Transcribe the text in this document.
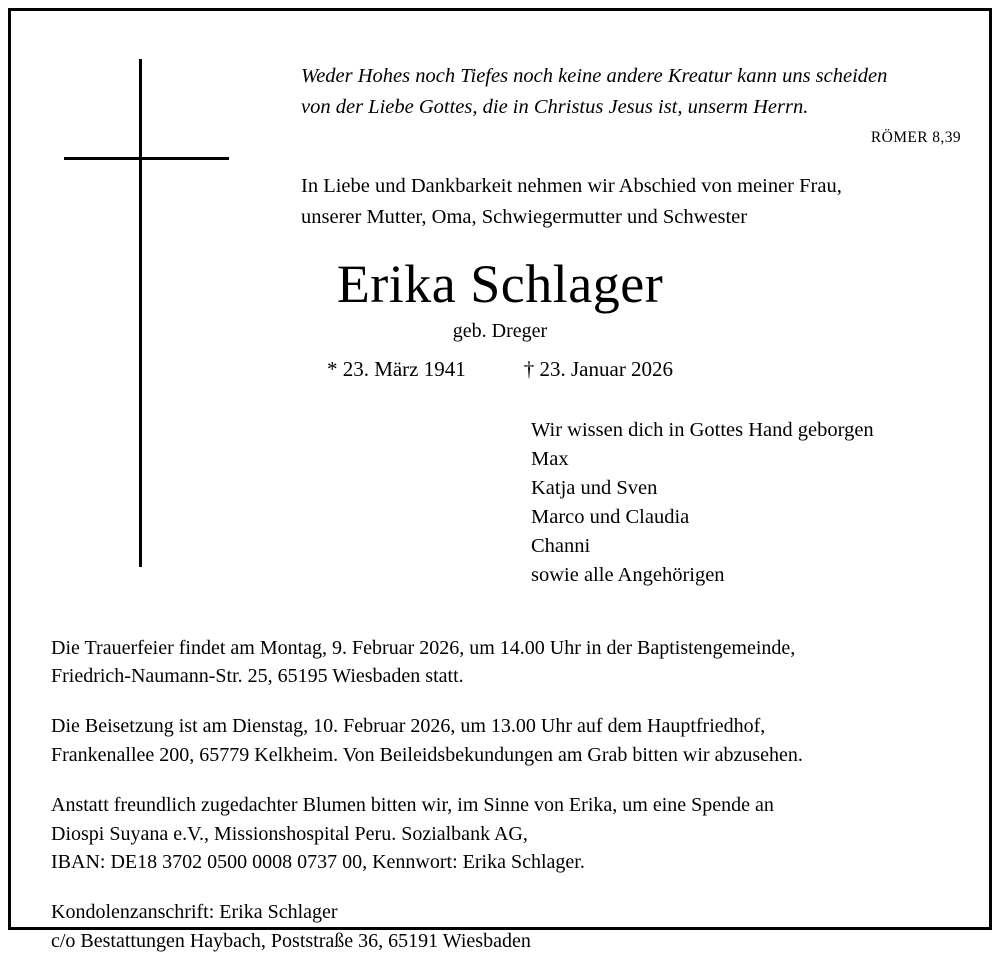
Weder Hohes noch Tiefes noch keine andere Kreatur kann uns scheiden
von der Liebe Gottes, die in Christus Jesus ist, unserm Herrn.
RÖMER 8,39
In Liebe und Dankbarkeit nehmen wir Abschied von meiner Frau,
unserer Mutter, Oma, Schwiegermutter und Schwester
Erika Schlager
geb. Dreger
* 23. März 1941	† 23. Januar 2026
Wir wissen dich in Gottes Hand geborgen
Max
Katja und Sven
Marco und Claudia
Channi
sowie alle Angehörigen

Die Trauerfeier findet am Montag, 9. Februar 2026, um 14.00 Uhr in der Baptistengemeinde,
Friedrich-Naumann-Str. 25, 65195 Wiesbaden statt.

Die Beisetzung ist am Dienstag, 10. Februar 2026, um 13.00 Uhr auf dem Hauptfriedhof,
Frankenallee 200, 65779 Kelkheim. Von Beileidsbekundungen am Grab bitten wir abzusehen.

Anstatt freundlich zugedachter Blumen bitten wir, im Sinne von Erika, um eine Spende an
Diospi Suyana e.V., Missionshospital Peru. Sozialbank AG,
IBAN: DE18 3702 0500 0008 0737 00, Kennwort: Erika Schlager.

Kondolenzanschrift: Erika Schlager
c/o Bestattungen Haybach, Poststraße 36, 65191 Wiesbaden
